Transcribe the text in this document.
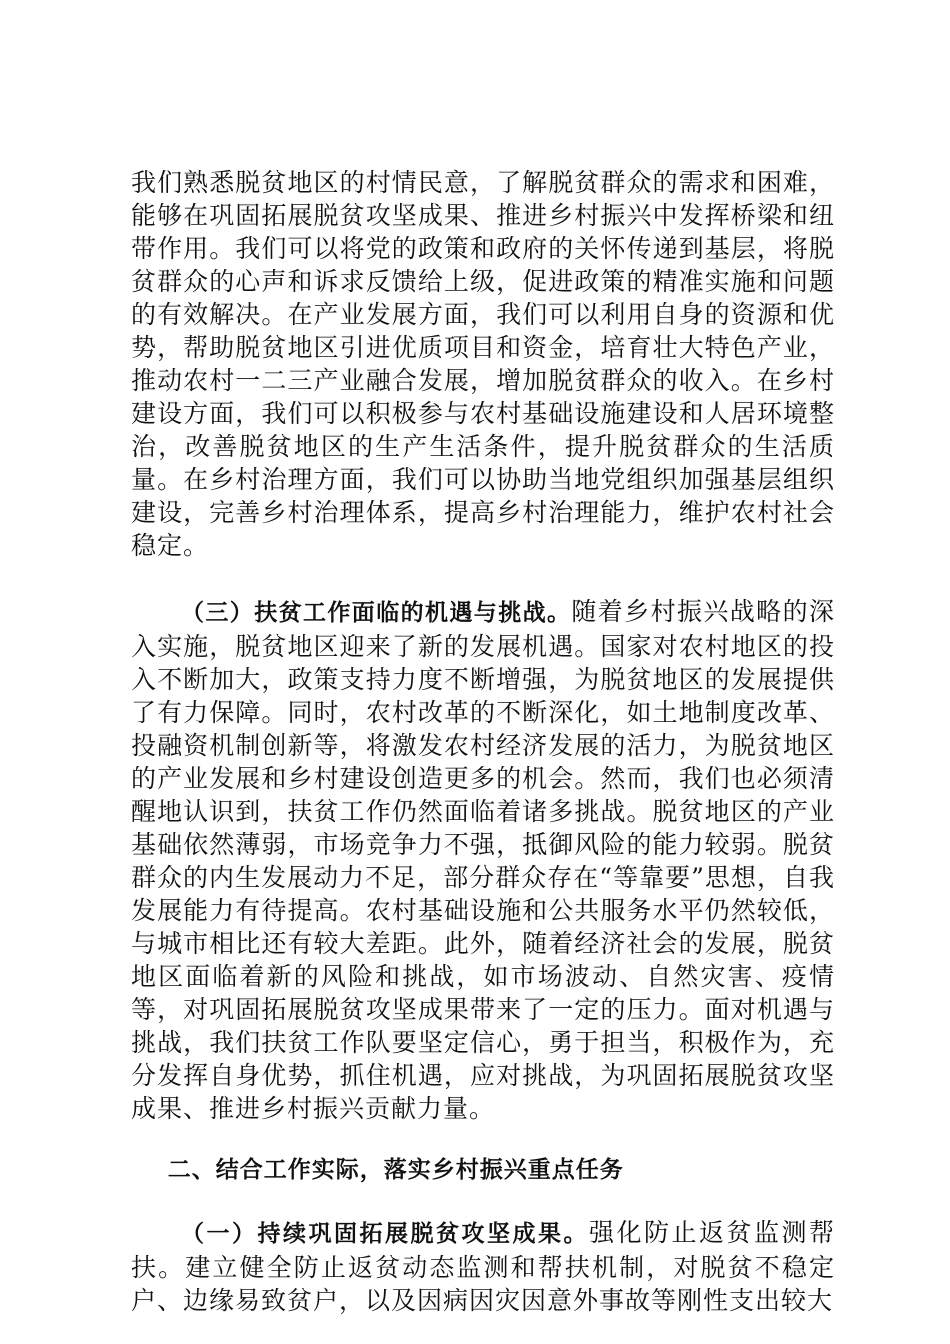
我们熟悉脱贫地区的村情民意，了解脱贫群众的需求和困难，能够在巩固拓展脱贫攻坚成果、推进乡村振兴中发挥桥梁和纽带作用。我们可以将党的政策和政府的关怀传递到基层，将脱贫群众的心声和诉求反馈给上级，促进政策的精准实施和问题的有效解决。在产业发展方面，我们可以利用自身的资源和优势，帮助脱贫地区引进优质项目和资金，培育壮大特色产业，推动农村一二三产业融合发展，增加脱贫群众的收入。在乡村建设方面，我们可以积极参与农村基础设施建设和人居环境整治，改善脱贫地区的生产生活条件，提升脱贫群众的生活质量。在乡村治理方面，我们可以协助当地党组织加强基层组织建设，完善乡村治理体系，提高乡村治理能力，维护农村社会稳定。

（三）扶贫工作面临的机遇与挑战。随着乡村振兴战略的深入实施，脱贫地区迎来了新的发展机遇。国家对农村地区的投入不断加大，政策支持力度不断增强，为脱贫地区的发展提供了有力保障。同时，农村改革的不断深化，如土地制度改革、投融资机制创新等，将激发农村经济发展的活力，为脱贫地区的产业发展和乡村建设创造更多的机会。然而，我们也必须清醒地认识到，扶贫工作仍然面临着诸多挑战。脱贫地区的产业基础依然薄弱，市场竞争力不强，抵御风险的能力较弱。脱贫群众的内生发展动力不足，部分群众存在“等靠要”思想，自我发展能力有待提高。农村基础设施和公共服务水平仍然较低，与城市相比还有较大差距。此外，随着经济社会的发展，脱贫地区面临着新的风险和挑战，如市场波动、自然灾害、疫情等，对巩固拓展脱贫攻坚成果带来了一定的压力。面对机遇与挑战，我们扶贫工作队要坚定信心，勇于担当，积极作为，充分发挥自身优势，抓住机遇，应对挑战，为巩固拓展脱贫攻坚成果、推进乡村振兴贡献力量。

二、结合工作实际，落实乡村振兴重点任务

（一）持续巩固拓展脱贫攻坚成果。强化防止返贫监测帮扶。建立健全防止返贫动态监测和帮扶机制，对脱贫不稳定户、边缘易致贫户，以及因病因灾因意外事故等刚性支出较大
